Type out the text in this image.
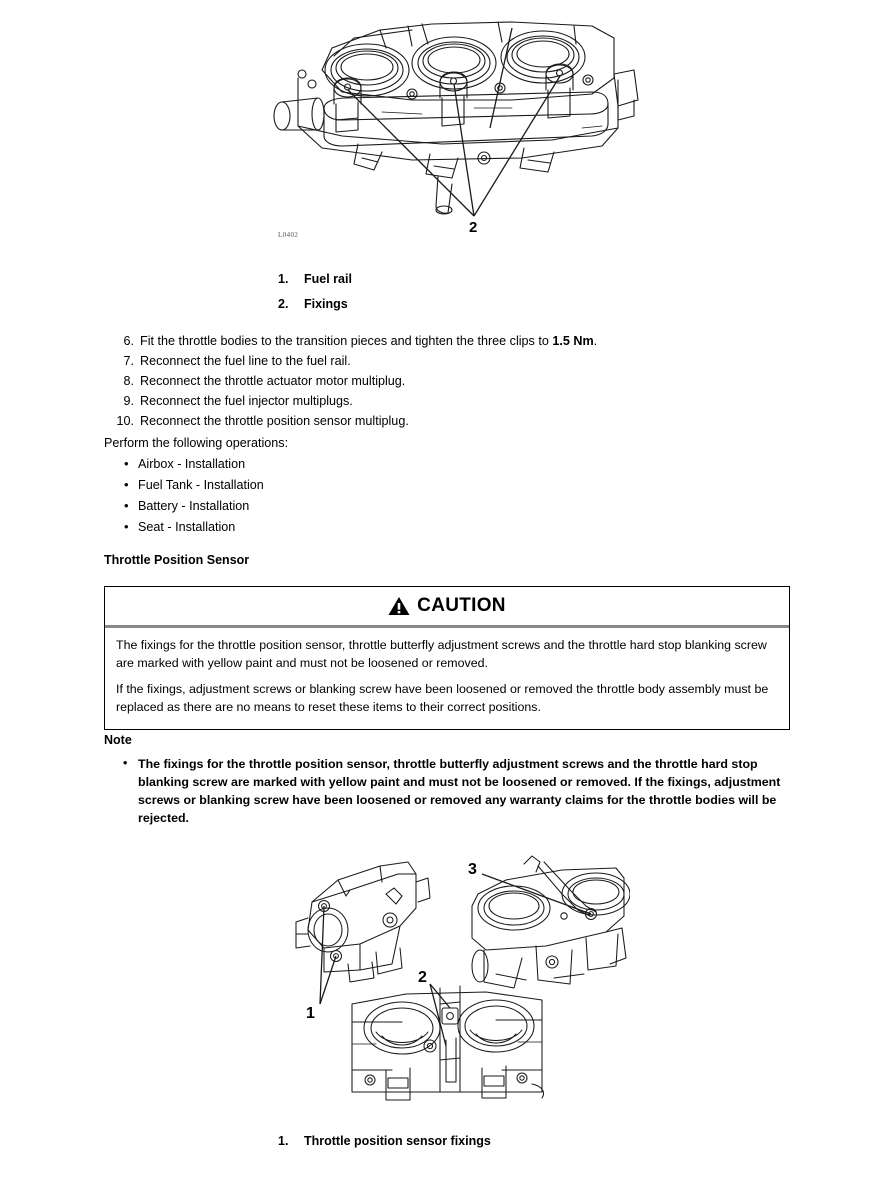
2
L0402
1.	Fuel rail
2.	Fixings
6. Fit the throttle bodies to the transition pieces and tighten the three clips to 1.5 Nm.
7. Reconnect the fuel line to the fuel rail.
8. Reconnect the throttle actuator motor multiplug.
9. Reconnect the fuel injector multiplugs.
10. Reconnect the throttle position sensor multiplug.
Perform the following operations:
• Airbox - Installation
• Fuel Tank - Installation
• Battery - Installation
• Seat - Installation
Throttle Position Sensor
CAUTION

The fixings for the throttle position sensor, throttle butterfly adjustment screws and the throttle hard stop blanking screw are marked with yellow paint and must not be loosened or removed.

If the fixings, adjustment screws or blanking screw have been loosened or removed the throttle body assembly must be replaced as there are no means to reset these items to their correct positions.

Note
• The fixings for the throttle position sensor, throttle butterfly adjustment screws and the throttle hard stop blanking screw are marked with yellow paint and must not be loosened or removed. If the fixings, adjustment screws or blanking screw have been loosened or removed any warranty claims for the throttle bodies will be rejected.
1
2
3
1.	Throttle position sensor fixings
